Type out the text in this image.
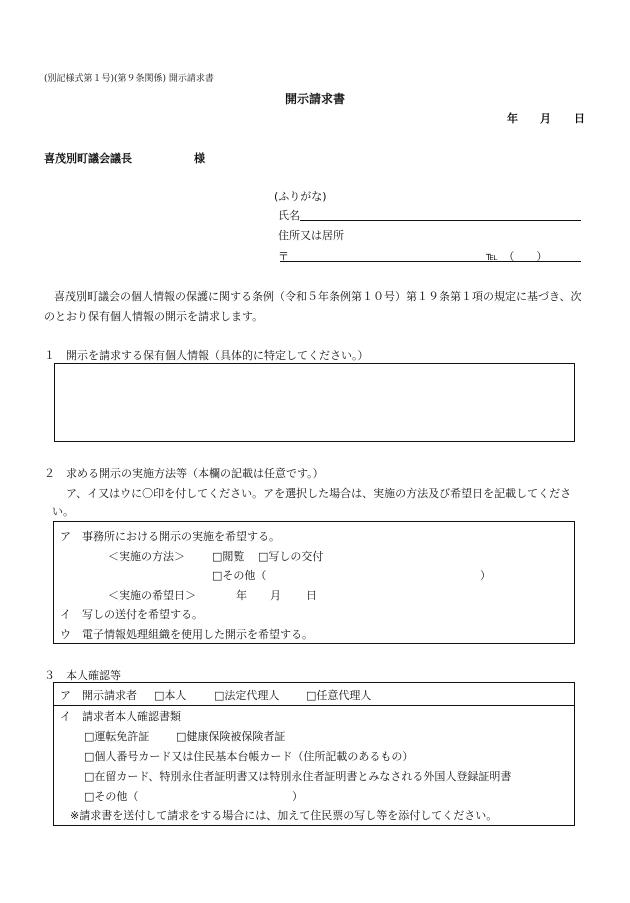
(別記様式第１号)(第９条関係) 開示請求書
開示請求書
年 月 日
喜茂別町議会議長	様
(ふりがな)
氏名
住所又は居所
〒	℡　（　　）
喜茂別町議会の個人情報の保護に関する条例（令和５年条例第１０号）第１９条第１項の規定に基づき、次のとおり保有個人情報の開示を請求します。
１　開示を請求する保有個人情報（具体的に特定してください。）
２　求める開示の実施方法等（本欄の記載は任意です。）
ア、イ又はウに〇印を付してください。アを選択した場合は、実施の方法及び希望日を記載してください。
ア　事務所における開示の実施を希望する。
＜実施の方法＞ □閲覧 □写しの交付
□その他（	）
＜実施の希望日＞	年 月 日
イ　写しの送付を希望する。
ウ　電子情報処理組織を使用した開示を希望する。
３　本人確認等
ア　開示請求者 □本人	□法定代理人 □任意代理人
イ　請求者本人確認書類
□運転免許証 □健康保険被保険者証
□個人番号カード又は住民基本台帳カード（住所記載のあるもの）
□在留カード、特別永住者証明書又は特別永住者証明書とみなされる外国人登録証明書
□その他（	）
※請求書を送付して請求をする場合には、加えて住民票の写し等を添付してください。
